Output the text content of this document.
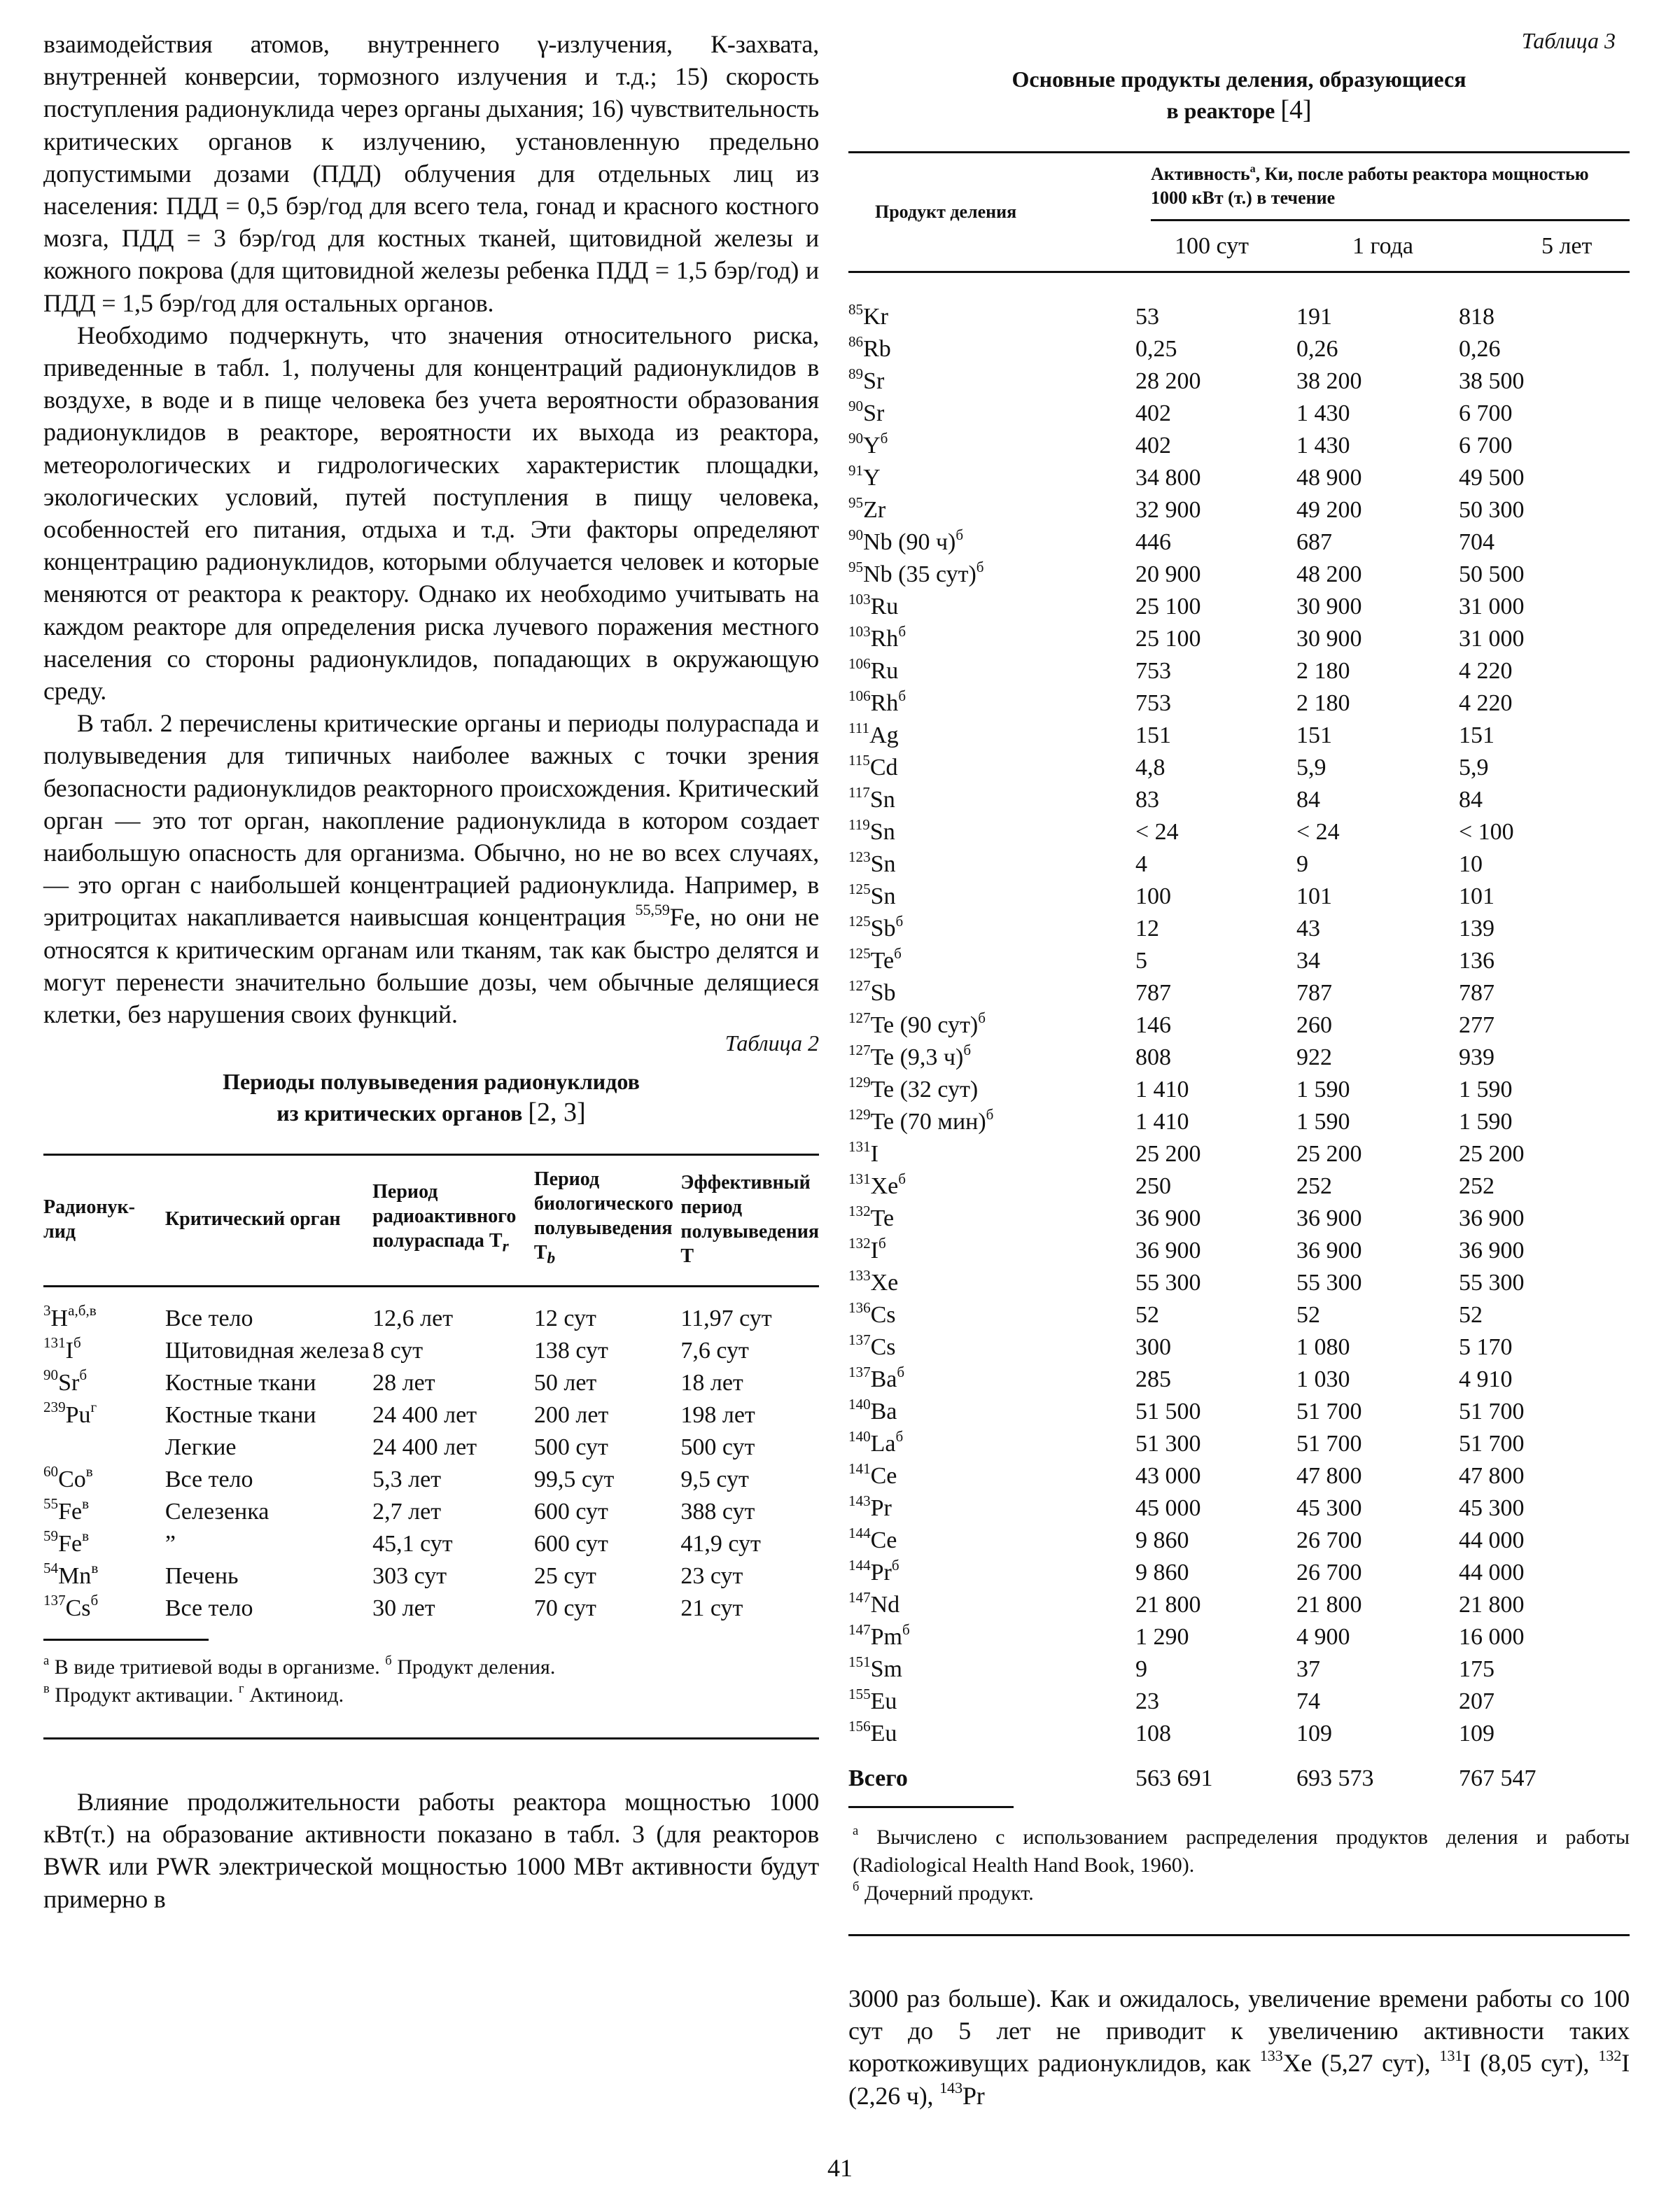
взаимодействия атомов, внутреннего γ-излучения, К-захвата, внутренней конверсии, тормозного излучения и т.д.; 15) скорость поступления радионуклида через органы дыхания; 16) чувствительность критических органов к излучению, установленную предельно допустимыми дозами (ПДД) облучения для отдельных лиц из населения: ПДД = 0,5 бэр/год для всего тела, гонад и красного костного мозга, ПДД = 3 бэр/год для костных тканей, щитовидной железы и кожного покрова (для щитовидной железы ребенка ПДД = 1,5 бэр/год) и ПДД = 1,5 бэр/год для остальных органов.

Необходимо подчеркнуть, что значения относительного риска, приведенные в табл. 1, получены для концентраций радионуклидов в воздухе, в воде и в пище человека без учета вероятности образования радионуклидов в реакторе, вероятности их выхода из реактора, метеорологических и гидрологических характеристик площадки, экологических условий, путей поступления в пищу человека, особенностей его питания, отдыха и т.д. Эти факторы определяют концентрацию радионуклидов, которыми облучается человек и которые меняются от реактора к реактору. Однако их необходимо учитывать на каждом реакторе для определения риска лучевого поражения местного населения со стороны радионуклидов, попадающих в окружающую среду.

В табл. 2 перечислены критические органы и периоды полураспада и полувыведения для типичных наиболее важных с точки зрения безопасности радионуклидов реакторного происхождения. Критический орган — это тот орган, накопление радионуклида в котором создает наибольшую опасность для организма. Обычно, но не во всех случаях, — это орган с наибольшей концентрацией радионуклида. Например, в эритроцитах накапливается наивысшая концентрация $^{55,59}$Fe, но они не относятся к критическим органам или тканям, так как быстро делятся и могут перенести значительно большие дозы, чем обычные делящиеся клетки, без нарушения своих функций.

Таблица 2
Периоды полувыведения радионуклидов
из критических органов [2, 3]
Радионук-лид	Критический орган	Период радиоактивного полураспада $T_r$	Период биологического полувыведения $T_b$	Эффективный период полувыведения T
$^3H^{а,б,в}$	Все тело	12,6 лет	12 сут	11,97 сут
$^{131}I^б$	Щитовидная железа	8 сут	138 сут	7,6 сут
$^{90}Sr^б$	Костные ткани	28 лет	50 лет	18 лет
$^{239}Pu^г$	Костные ткани	24 400 лет	200 лет	198 лет
	Легкие	24 400 лет	500 сут	500 сут
$^{60}Co^в$	Все тело	5,3 лет	99,5 сут	9,5 сут
$^{55}Fe^в$	Селезенка	2,7 лет	600 сут	388 сут
$^{59}Fe^в$	”	45,1 сут	600 сут	41,9 сут
$^{54}Mn^в$	Печень	303 сут	25 сут	23 сут
$^{137}Cs^б$	Все тело	30 лет	70 сут	21 сут
$^а$ В виде тритиевой воды в организме. $^б$ Продукт деления.
$^в$ Продукт активации. $^г$ Актиноид.

Влияние продолжительности работы реактора мощностью 1000 кВт(т.) на образование активности показано в табл. 3 (для реакторов BWR или PWR электрической мощностью 1000 МВт активности будут примерно в

Таблица 3
Основные продукты деления, образующиеся
в реакторе [4]
Продукт деления
Активность$^а$, Ки, после работы реактора мощностью 1000 кВт (т.) в течение
100 сут	1 года	5 лет
$^{85}$Kr	53	191	818
$^{86}$Rb	0,25	0,26	0,26
$^{89}$Sr	28 200	38 200	38 500
$^{90}$Sr	402	1 430	6 700
$^{90}Y^б$	402	1 430	6 700
$^{91}$Y	34 800	48 900	49 500
$^{95}$Zr	32 900	49 200	50 300
$^{90}$Nb (90 ч)$^б$	446	687	704
$^{95}$Nb (35 сут)$^б$	20 900	48 200	50 500
$^{103}$Ru	25 100	30 900	31 000
$^{103}Rh^б$	25 100	30 900	31 000
$^{106}$Ru	753	2 180	4 220
$^{106}Rh^б$	753	2 180	4 220
$^{111}$Ag	151	151	151
$^{115}$Cd	4,8	5,9	5,9
$^{117}$Sn	83	84	84
$^{119}$Sn	< 24	< 24	< 100
$^{123}$Sn	4	9	10
$^{125}$Sn	100	101	101
$^{125}Sb^б$	12	43	139
$^{125}Te^б$	5	34	136
$^{127}$Sb	787	787	787
$^{127}$Te (90 сут)$^б$	146	260	277
$^{127}$Te (9,3 ч)$^б$	808	922	939
$^{129}$Te (32 сут)	1 410	1 590	1 590
$^{129}$Te (70 мин)$^б$	1 410	1 590	1 590
$^{131}$I	25 200	25 200	25 200
$^{131}Xe^б$	250	252	252
$^{132}$Te	36 900	36 900	36 900
$^{132}I^б$	36 900	36 900	36 900
$^{133}$Xe	55 300	55 300	55 300
$^{136}$Cs	52	52	52
$^{137}$Cs	300	1 080	5 170
$^{137}Ba^б$	285	1 030	4 910
$^{140}$Ba	51 500	51 700	51 700
$^{140}La^б$	51 300	51 700	51 700
$^{141}$Ce	43 000	47 800	47 800
$^{143}$Pr	45 000	45 300	45 300
$^{144}$Ce	9 860	26 700	44 000
$^{144}Pr^б$	9 860	26 700	44 000
$^{147}$Nd	21 800	21 800	21 800
$^{147}Pm^б$	1 290	4 900	16 000
$^{151}$Sm	9	37	175
$^{155}$Eu	23	74	207
$^{156}$Eu	108	109	109
Всего	563 691	693 573	767 547
$^а$ Вычислено с использованием распределения продуктов деления и работы (Radiological Health Hand Book, 1960).
$^б$ Дочерний продукт.

3000 раз больше). Как и ожидалось, увеличение времени работы со 100 сут до 5 лет не приводит к увеличению активности таких короткоживущих радионуклидов, как $^{133}$Xe (5,27 сут), $^{131}$I (8,05 сут), $^{132}$I (2,26 ч), $^{143}$Pr

41
